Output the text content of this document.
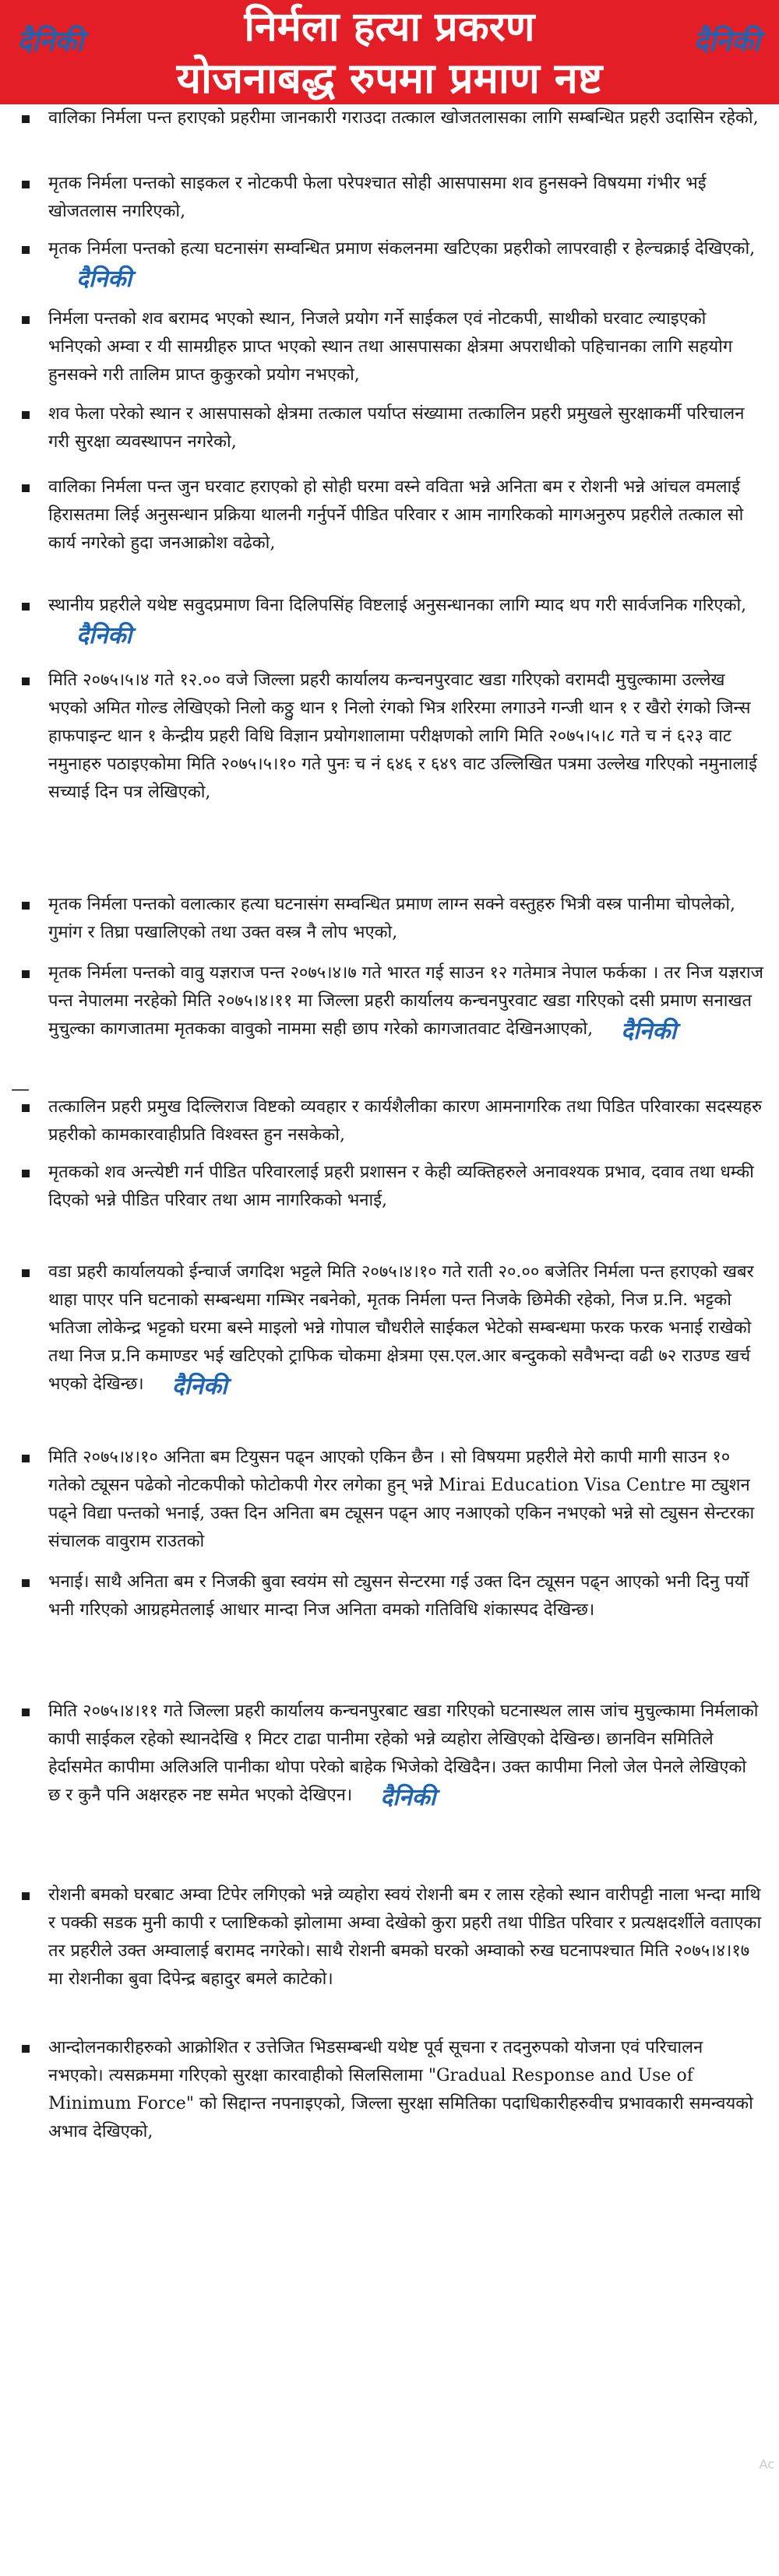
निर्मला हत्या प्रकरण
योजनाबद्ध रुपमा प्रमाण नष्ट
दैनिकी	दैनिकी
वालिका निर्मला पन्त हराएको प्रहरीमा जानकारी गराउदा तत्काल खोजतलासका लागि सम्बन्धित प्रहरी उदासिन रहेको,
मृतक निर्मला पन्तको साइकल र नोटकपी फेला परेपश्चात सोही आसपासमा शव हुनसक्ने विषयमा गंभीर भई खोजतलास नगरिएको,
मृतक निर्मला पन्तको हत्या घटनासंग सम्वन्धित प्रमाण संकलनमा खटिएका प्रहरीको लापरवाही र हेल्चक्राई देखिएको,दैनिकी
निर्मला पन्तको शव बरामद भएको स्थान, निजले प्रयोग गर्ने साईकल एवं नोटकपी, साथीको घरवाट ल्याइएको भनिएको अम्वा र यी सामग्रीहरु प्राप्त भएको स्थान तथा आसपासका क्षेत्रमा अपराधीको पहिचानका लागि सहयोग हुनसक्ने गरी तालिम प्राप्त कुकुरको प्रयोग नभएको,
शव फेला परेको स्थान र आसपासको क्षेत्रमा तत्काल पर्याप्त संख्यामा तत्कालिन प्रहरी प्रमुखले सुरक्षाकर्मी परिचालन गरी सुरक्षा व्यवस्थापन नगरेको,
वालिका निर्मला पन्त जुन घरवाट हराएको हो सोही घरमा वस्ने वविता भन्ने अनिता बम र रोशनी भन्ने आंचल वमलाई हिरासतमा लिई अनुसन्धान प्रक्रिया थालनी गर्नुपर्ने पीडित परिवार र आम नागरिकको मागअनुरुप प्रहरीले तत्काल सो कार्य नगरेको हुदा जनआक्रोश वढेको,
स्थानीय प्रहरीले यथेष्ट सवुदप्रमाण विना दिलिपसिंह विष्टलाई अनुसन्धानका लागि म्याद थप गरी सार्वजनिक गरिएको,दैनिकी
मिति २०७५।५।४ गते १२.०० वजे जिल्ला प्रहरी कार्यालय कन्चनपुरवाट खडा गरिएको वरामदी मुचुल्कामा उल्लेख भएको अमित गोल्ड लेखिएको निलो कठ्ठु थान १ निलो रंगको भित्र शरिरमा लगाउने गन्जी थान १ र खैरो रंगको जिन्स हाफपाइन्ट थान १ केन्द्रीय प्रहरी विधि विज्ञान प्रयोगशालामा परीक्षणको लागि मिति २०७५।५।८ गते च नं ६२३ वाट नमुनाहरु पठाइएकोमा मिति २०७५।५।१० गते पुनः च नं ६४६ र ६४९ वाट उल्लिखित पत्रमा उल्लेख गरिएको नमुनालाई सच्याई दिन पत्र लेखिएको,
मृतक निर्मला पन्तको वलात्कार हत्या घटनासंग सम्वन्धित प्रमाण लाग्न सक्ने वस्तुहरु भित्री वस्त्र पानीमा चोपलेको, गुमांग र तिघ्रा पखालिएको तथा उक्त वस्त्र नै लोप भएको,
मृतक निर्मला पन्तको वावु यज्ञराज पन्त २०७५।४।७ गते भारत गई साउन १२ गतेमात्र नेपाल फर्कका । तर निज यज्ञराज पन्त नेपालमा नरहेको मिति २०७५।४।११ मा जिल्ला प्रहरी कार्यालय कन्चनपुरवाट खडा गरिएको दसी प्रमाण सनाखत मुचुल्का कागजातमा मृतकका वावुको नाममा सही छाप गरेको कागजातवाट देखिनआएको, दैनिकी
तत्कालिन प्रहरी प्रमुख दिल्लिराज विष्टको व्यवहार र कार्यशैलीका कारण आमनागरिक तथा पिडित परिवारका सदस्यहरु प्रहरीको कामकारवाहीप्रति विश्वस्त हुन नसकेको,
मृतकको शव अन्त्येष्टी गर्न पीडित परिवारलाई प्रहरी प्रशासन र केही व्यक्तिहरुले अनावश्यक प्रभाव, दवाव तथा धम्की दिएको भन्ने पीडित परिवार तथा आम नागरिकको भनाई,
वडा प्रहरी कार्यालयको ईन्चार्ज जगदिश भट्टले मिति २०७५।४।१० गते राती २०.०० बजेतिर निर्मला पन्त हराएको खबर थाहा पाएर पनि घटनाको सम्बन्धमा गम्भिर नबनेको, मृतक निर्मला पन्त निजके छिमेकी रहेको, निज प्र.नि. भट्टको भतिजा लोकेन्द्र भट्टको घरमा बस्ने माइलो भन्ने गोपाल चौधरीले साईकल भेटेको सम्बन्धमा फरक फरक भनाई राखेको तथा निज प्र.नि कमाण्डर भई खटिएको ट्राफिक चोकमा क्षेत्रमा एस.एल.आर बन्दुकको सवैभन्दा वढी ७२ राउण्ड खर्च भएको देखिन्छ। दैनिकी
मिति २०७५।४।१० अनिता बम टियुसन पढ्न आएको एकिन छैन । सो विषयमा प्रहरीले मेरो कापी मागी साउन १० गतेको ट्यूसन पढेको नोटकपीको फोटोकपी गेरर लगेका हुन् भन्ने Mirai Education Visa Centre मा ट्युशन पढ्ने विद्या पन्तको भनाई, उक्त दिन अनिता बम ट्यूसन पढ्न आए नआएको एकिन नभएको भन्ने सो ट्युसन सेन्टरका संचालक वावुराम राउतको
भनाई। साथै अनिता बम र निजकी बुवा स्वयंम सो ट्युसन सेन्टरमा गई उक्त दिन ट्यूसन पढ्न आएको भनी दिनु पर्यो भनी गरिएको आग्रहमेतलाई आधार मान्दा निज अनिता वमको गतिविधि शंकास्पद देखिन्छ।
मिति २०७५।४।११ गते जिल्ला प्रहरी कार्यालय कन्चनपुरबाट खडा गरिएको घटनास्थल लास जांच मुचुल्कामा निर्मलाको कापी साईकल रहेको स्थानदेखि १ मिटर टाढा पानीमा रहेको भन्ने व्यहोरा लेखिएको देखिन्छ। छानविन समितिले हेर्दासमेत कापीमा अलिअलि पानीका थोपा परेको बाहेक भिजेको देखिदैन। उक्त कापीमा निलो जेल पेनले लेखिएको छ र कुनै पनि अक्षरहरु नष्ट समेत भएको देखिएन। दैनिकी
रोशनी बमको घरबाट अम्वा टिपेर लगिएको भन्ने व्यहोरा स्वयं रोशनी बम र लास रहेको स्थान वारीपट्टी नाला भन्दा माथि र पक्की सडक मुनी कापी र प्लाष्टिकको झोलामा अम्वा देखेको कुरा प्रहरी तथा पीडित परिवार र प्रत्यक्षदर्शीले वताएका तर प्रहरीले उक्त अम्वालाई बरामद नगरेको। साथै रोशनी बमको घरको अम्वाको रुख घटनापश्चात मिति २०७५।४।१७ मा रोशनीका बुवा दिपेन्द्र बहादुर बमले काटेको।
आन्दोलनकारीहरुको आक्रोशित र उत्तेजित भिडसम्बन्धी यथेष्ट पूर्व सूचना र तदनुरुपको योजना एवं परिचालन नभएको। त्यसक्रममा गरिएको सुरक्षा कारवाहीको सिलसिलामा "Gradual Response and Use of Minimum Force" को सिद्दान्त नपनाइएको, जिल्ला सुरक्षा समितिका पदाधिकारीहरुवीच प्रभावकारी समन्वयको अभाव देखिएको,
—
Ac
